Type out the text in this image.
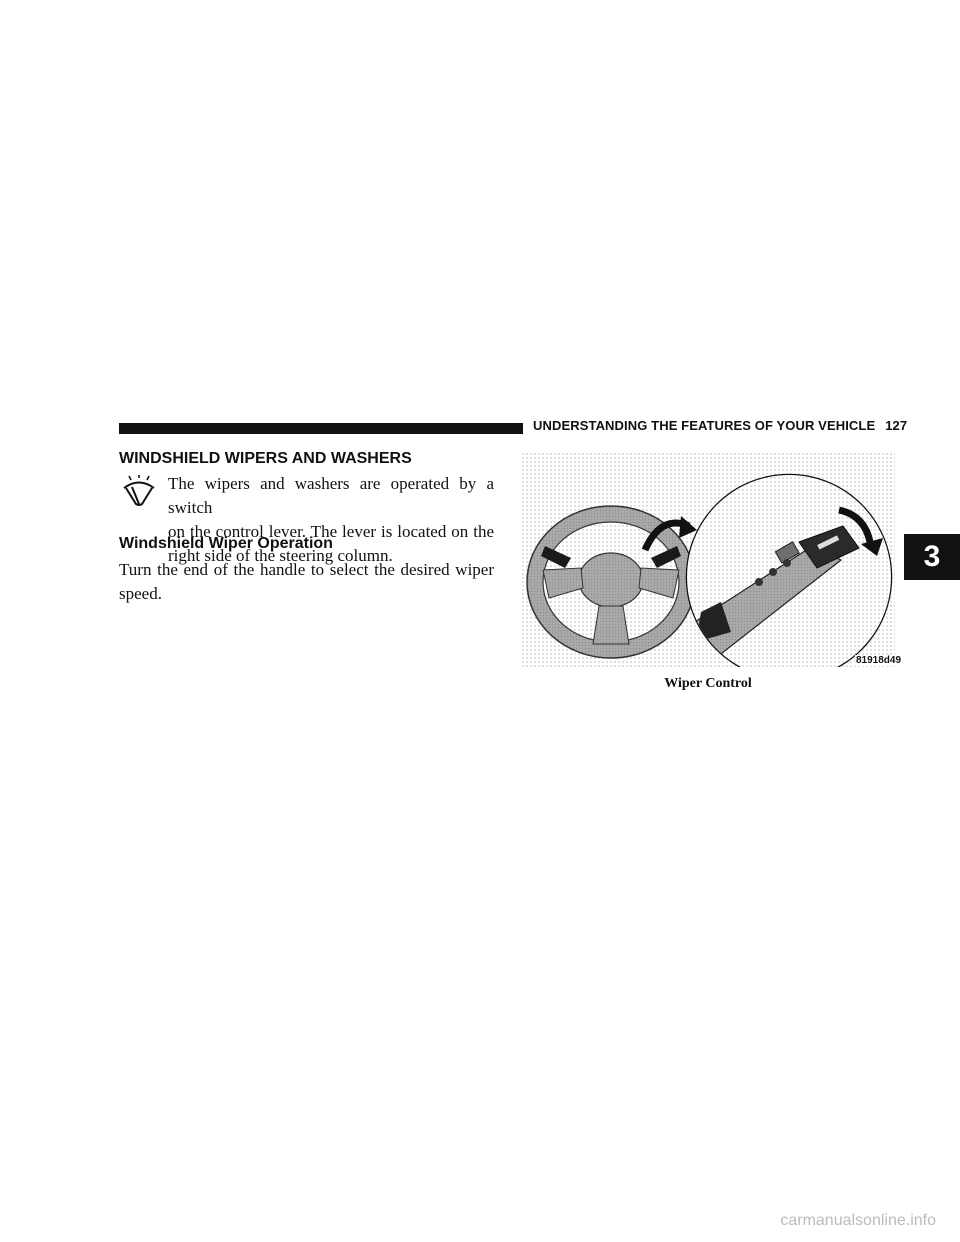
UNDERSTANDING THE FEATURES OF YOUR VEHICLE 127
WINDSHIELD WIPERS AND WASHERS
The wipers and washers are operated by a switch
on the control lever. The lever is located on the
right side of the steering column.
Windshield Wiper Operation
Turn the end of the handle to select the desired wiper
speed.
81918d49
Wiper Control
3
carmanualsonline.info
